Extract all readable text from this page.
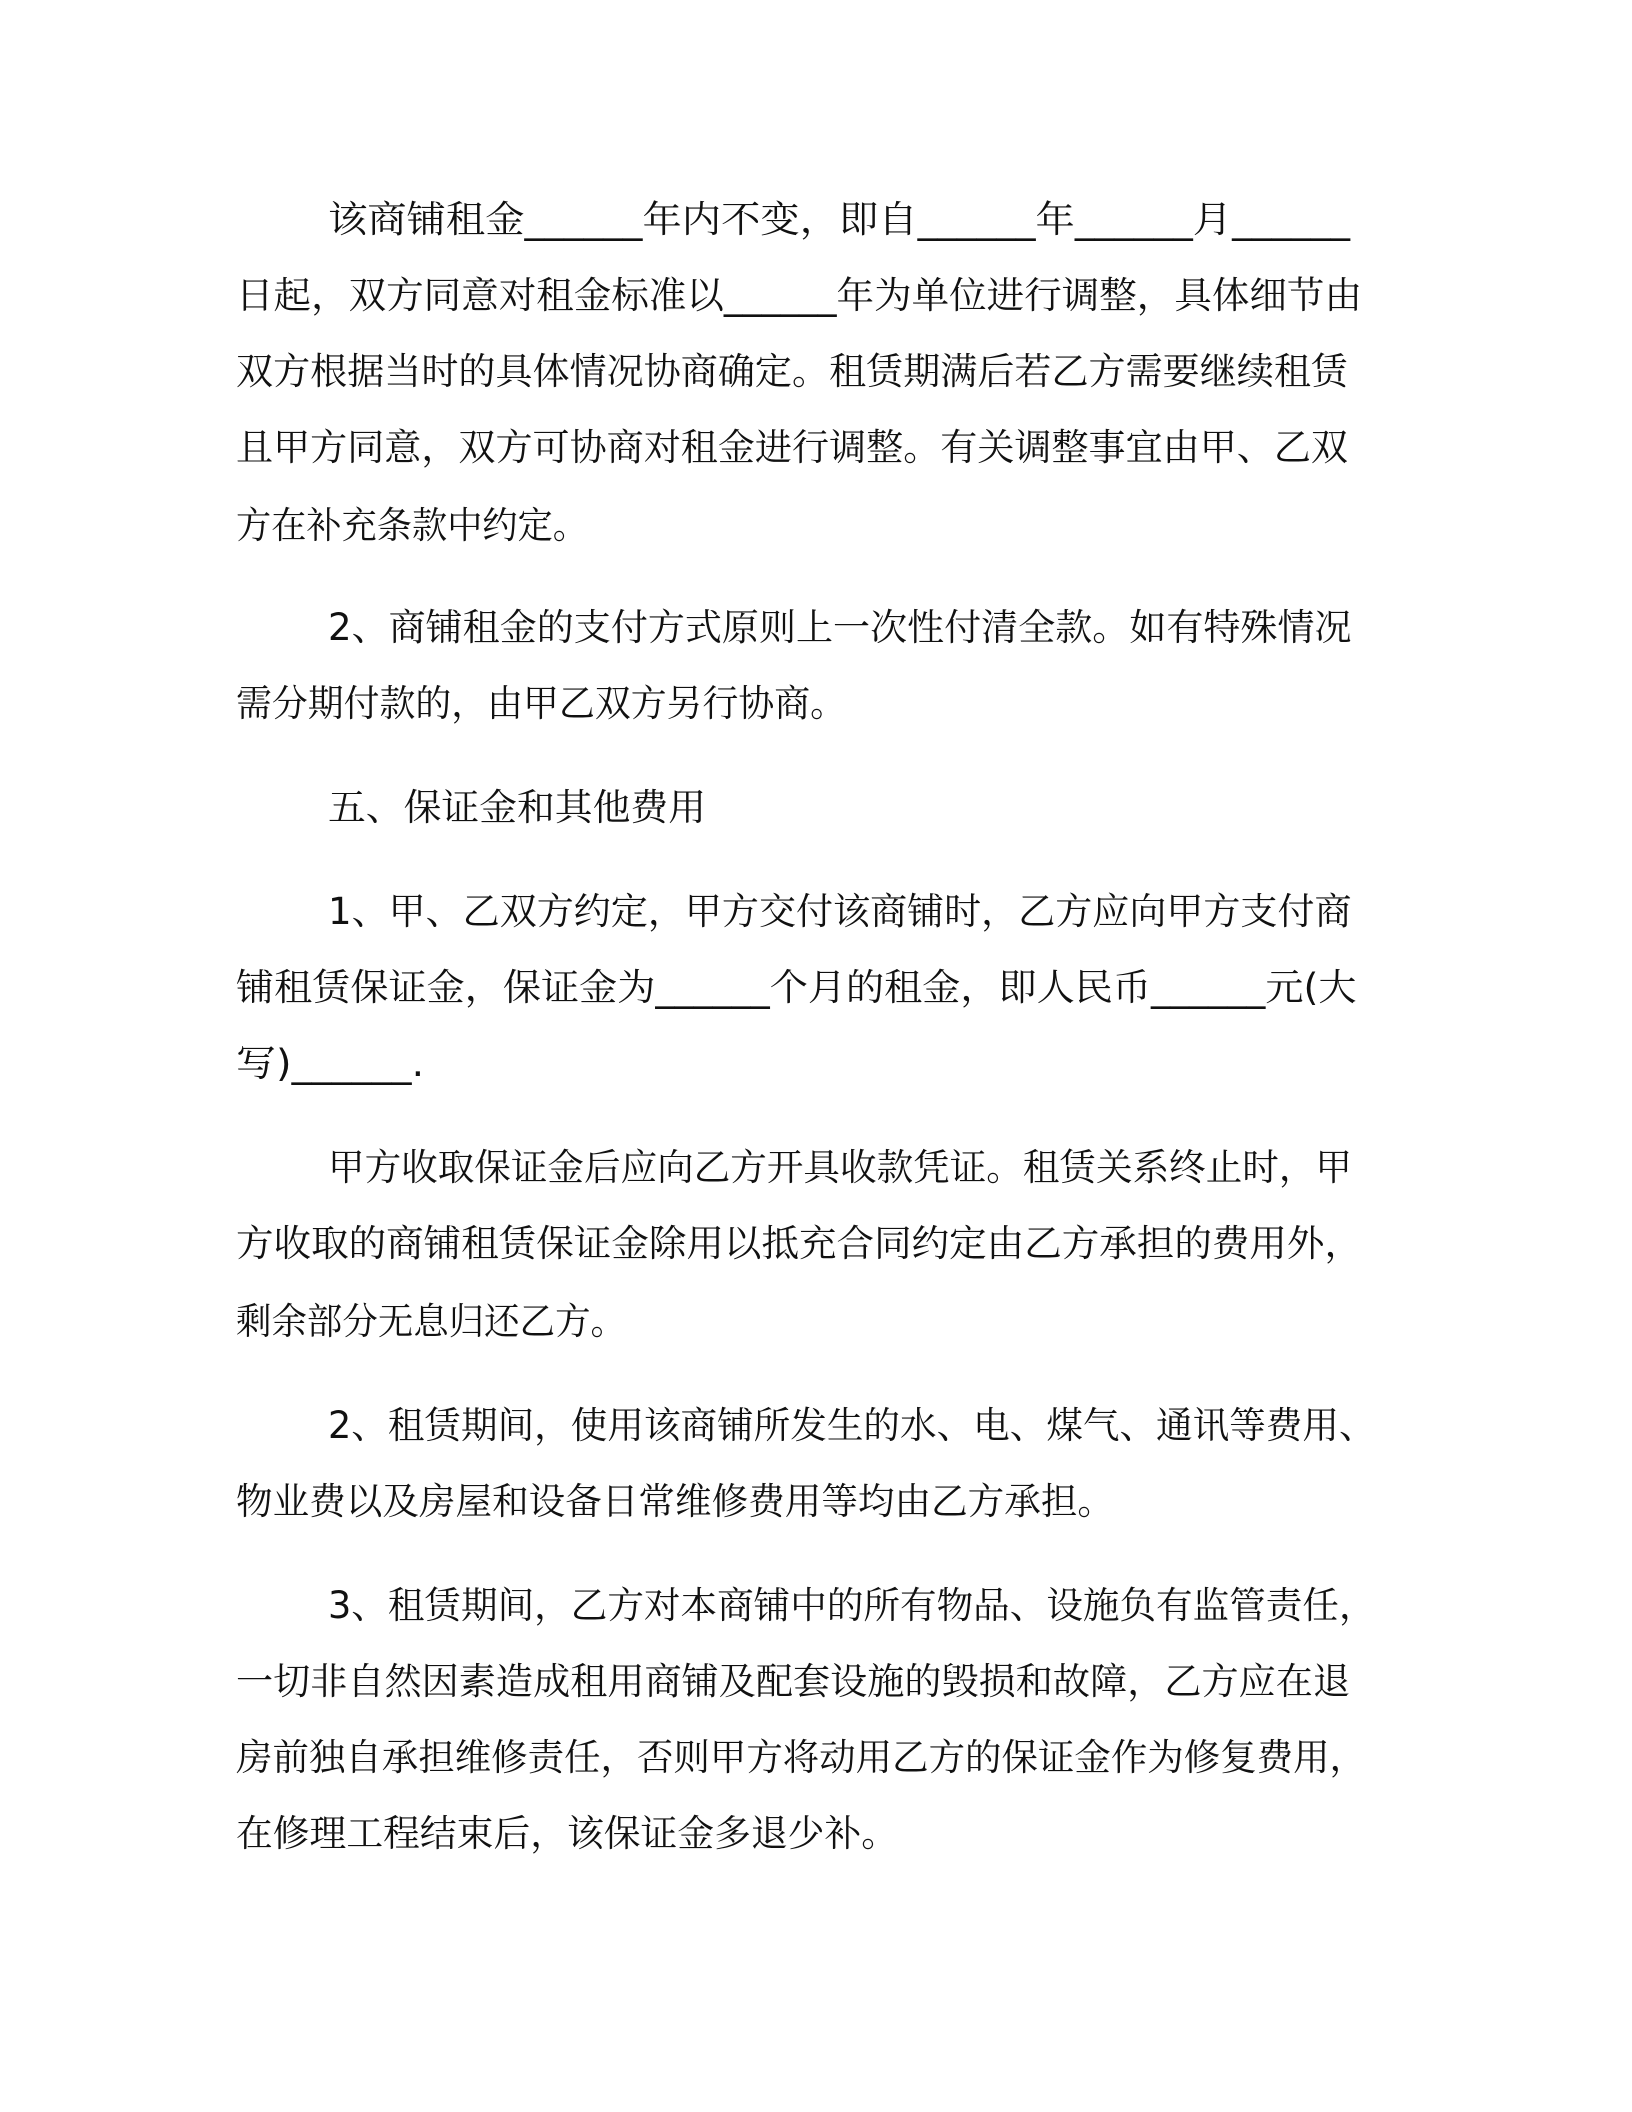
该商铺租金______年内不变，即自______年______月______

日起，双方同意对租金标准以______年为单位进行调整，具体细节由

双方根据当时的具体情况协商确定。租赁期满后若乙方需要继续租赁

且甲方同意，双方可协商对租金进行调整。有关调整事宜由甲、乙双

方在补充条款中约定。

2、商铺租金的支付方式原则上一次性付清全款。如有特殊情况

需分期付款的，由甲乙双方另行协商。

五、保证金和其他费用

1、甲、乙双方约定，甲方交付该商铺时，乙方应向甲方支付商

铺租赁保证金，保证金为______个月的租金，即人民币______元(大

写)______.

甲方收取保证金后应向乙方开具收款凭证。租赁关系终止时，甲

方收取的商铺租赁保证金除用以抵充合同约定由乙方承担的费用外，

剩余部分无息归还乙方。

2、租赁期间，使用该商铺所发生的水、电、煤气、通讯等费用、

物业费以及房屋和设备日常维修费用等均由乙方承担。

3、租赁期间，乙方对本商铺中的所有物品、设施负有监管责任，

一切非自然因素造成租用商铺及配套设施的毁损和故障，乙方应在退

房前独自承担维修责任，否则甲方将动用乙方的保证金作为修复费用，

在修理工程结束后，该保证金多退少补。
